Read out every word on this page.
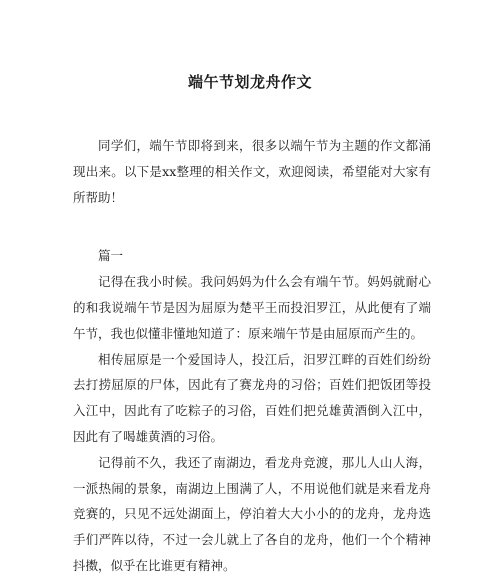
端午节划龙舟作文

同学们，端午节即将到来，很多以端午节为主题的作文都涌现出来。以下是xx整理的相关作文，欢迎阅读，希望能对大家有所帮助！

篇一

记得在我小时候。我问妈妈为什么会有端午节。妈妈就耐心的和我说端午节是因为屈原为楚平王而投汨罗江，从此便有了端午节，我也似懂非懂地知道了：原来端午节是由屈原而产生的。

相传屈原是一个爱国诗人，投江后，汨罗江畔的百姓们纷纷去打捞屈原的尸体，因此有了赛龙舟的习俗；百姓们把饭团等投入江中，因此有了吃粽子的习俗，百姓们把兑雄黄酒倒入江中，因此有了喝雄黄酒的习俗。

记得前不久，我还了南湖边，看龙舟竞渡，那儿人山人海，一派热闹的景象，南湖边上围满了人，不用说他们就是来看龙舟竞赛的，只见不远处湖面上，停泊着大大小小的的龙舟，龙舟选手们严阵以待，不过一会儿就上了各自的龙舟，他们一个个精神抖擞，似乎在比谁更有精神。
